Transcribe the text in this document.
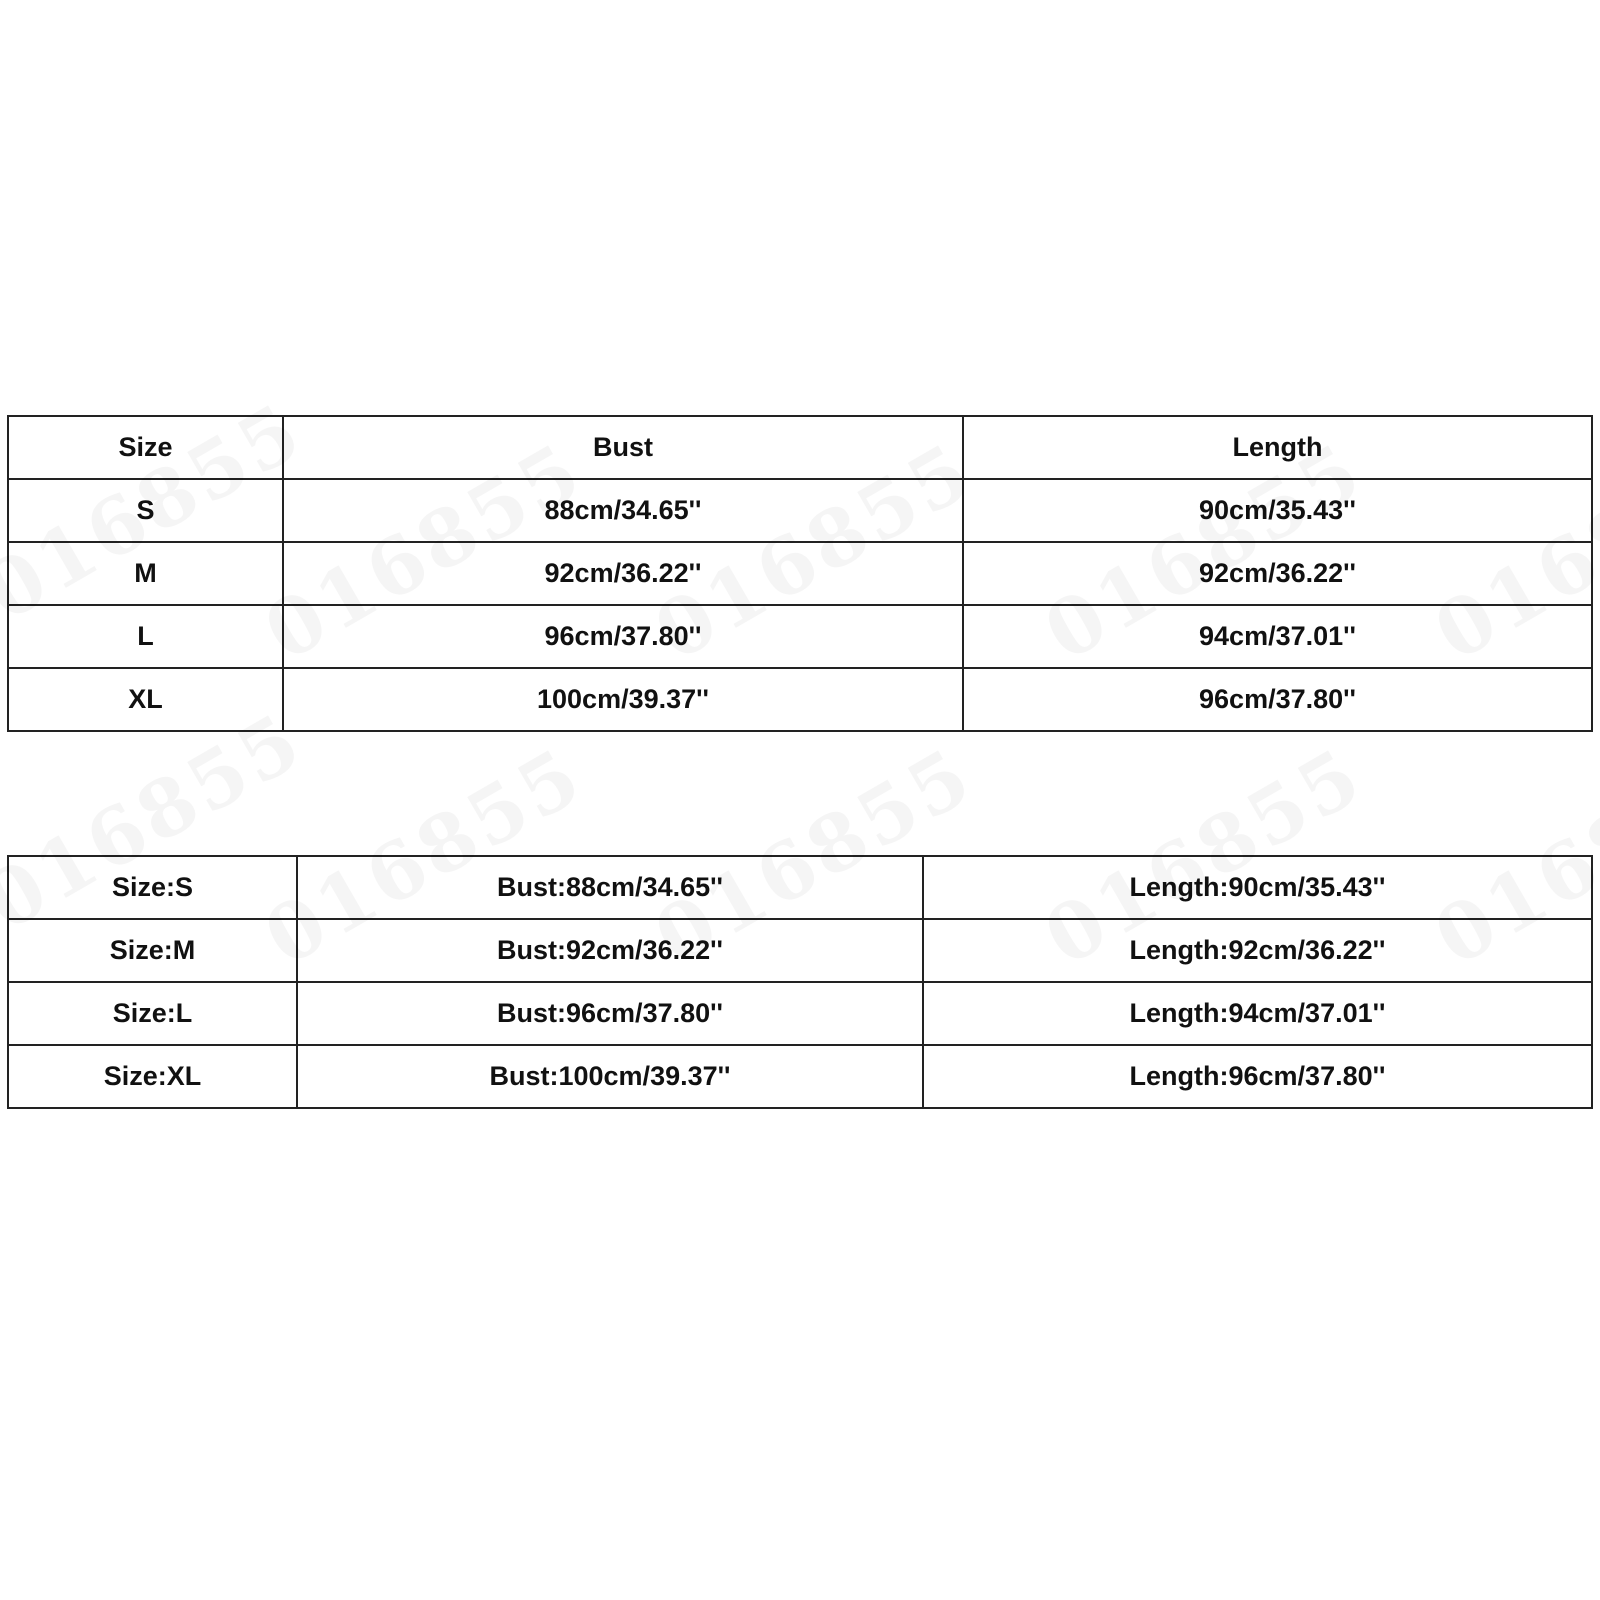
Size	Bust	Length
S	88cm/34.65''	90cm/35.43''
M	92cm/36.22''	92cm/36.22''
L	96cm/37.80''	94cm/37.01''
XL	100cm/39.37''	96cm/37.80''
Size:S	Bust:88cm/34.65''	Length:90cm/35.43''
Size:M	Bust:92cm/36.22''	Length:92cm/36.22''
Size:L	Bust:96cm/37.80''	Length:94cm/37.01''
Size:XL	Bust:100cm/39.37''	Length:96cm/37.80''
